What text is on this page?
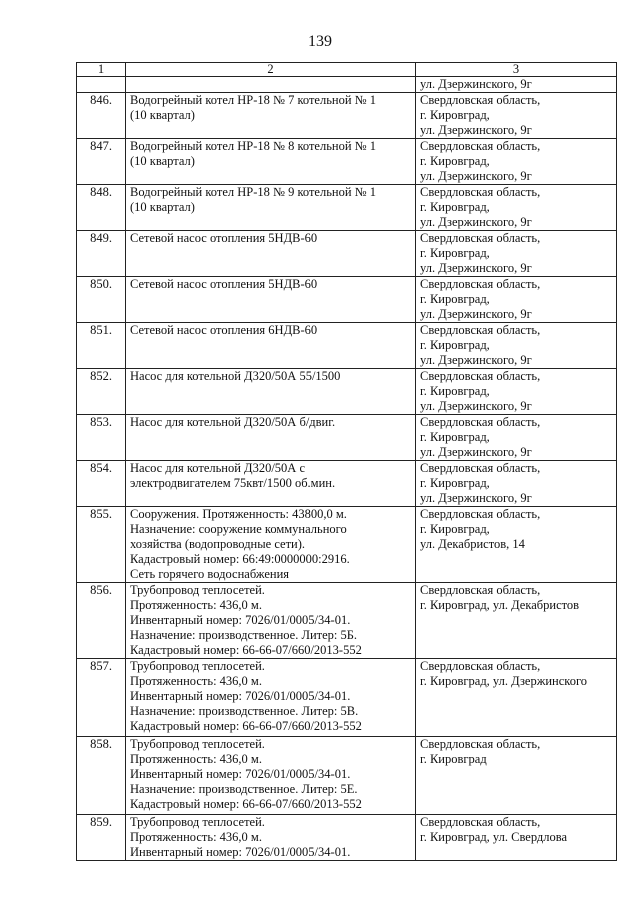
139
1	2	3

		ул. Дзержинского, 9г

846.	Водогрейный котел НР-18 № 7 котельной № 1
(10 квартал)	Свердловская область,
г. Кировград,
ул. Дзержинского, 9г

847.	Водогрейный котел НР-18 № 8 котельной № 1
(10 квартал)	Свердловская область,
г. Кировград,
ул. Дзержинского, 9г

848.	Водогрейный котел НР-18 № 9 котельной № 1
(10 квартал)	Свердловская область,
г. Кировград,
ул. Дзержинского, 9г

849.	Сетевой насос отопления 5НДВ-60	Свердловская область,
г. Кировград,
ул. Дзержинского, 9г

850.	Сетевой насос отопления 5НДВ-60	Свердловская область,
г. Кировград,
ул. Дзержинского, 9г

851.	Сетевой насос отопления 6НДВ-60	Свердловская область,
г. Кировград,
ул. Дзержинского, 9г

852.	Насос для котельной Д320/50А 55/1500	Свердловская область,
г. Кировград,
ул. Дзержинского, 9г

853.	Насос для котельной Д320/50А б/двиг.	Свердловская область,
г. Кировград,
ул. Дзержинского, 9г

854.	Насос для котельной Д320/50А с
электродвигателем 75квт/1500 об.мин.	Свердловская область,
г. Кировград,
ул. Дзержинского, 9г

855.	Сооружения. Протяженность: 43800,0 м.
Назначение: сооружение коммунального
хозяйства (водопроводные сети).
Кадастровый номер: 66:49:0000000:2916.
Сеть горячего водоснабжения	Свердловская область,
г. Кировград,
ул. Декабристов, 14

856.	Трубопровод теплосетей.
Протяженность: 436,0 м.
Инвентарный номер: 7026/01/0005/34-01.
Назначение: производственное. Литер: 5Б.
Кадастровый номер: 66-66-07/660/2013-552	Свердловская область,
г. Кировград, ул. Декабристов

857.	Трубопровод теплосетей.
Протяженность: 436,0 м.
Инвентарный номер: 7026/01/0005/34-01.
Назначение: производственное. Литер: 5В.
Кадастровый номер: 66-66-07/660/2013-552	Свердловская область,
г. Кировград, ул. Дзержинского

858.	Трубопровод теплосетей.
Протяженность: 436,0 м.
Инвентарный номер: 7026/01/0005/34-01.
Назначение: производственное. Литер: 5Е.
Кадастровый номер: 66-66-07/660/2013-552	Свердловская область,
г. Кировград

859.	Трубопровод теплосетей.
Протяженность: 436,0 м.
Инвентарный номер: 7026/01/0005/34-01.	Свердловская область,
г. Кировград, ул. Свердлова
